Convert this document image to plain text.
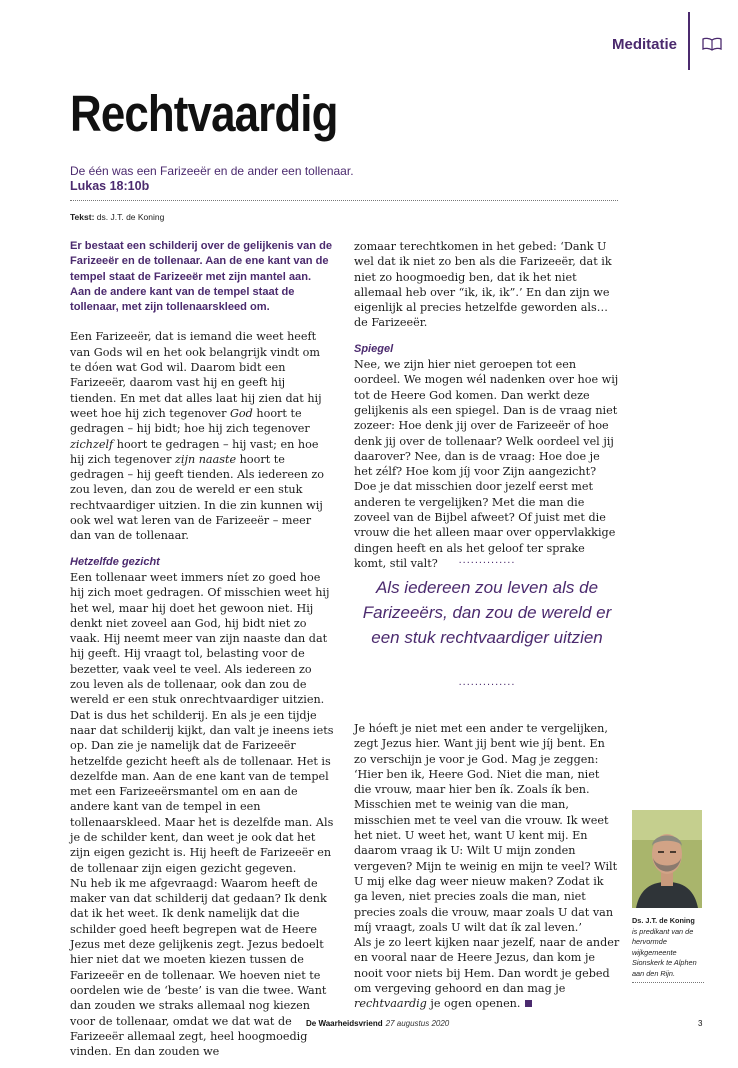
Meditatie
Rechtvaardig
De één was een Farizeeër en de ander een tollenaar.
Lukas 18:10b
Tekst: ds. J.T. de Koning

Er bestaat een schilderij over de gelijkenis van de Farizeeër en de tollenaar. Aan de ene kant van de tempel staat de Farizeeër met zijn mantel aan. Aan de andere kant van de tempel staat de tollenaar, met zijn tollenaarskleed om.

Een Farizeeër, dat is iemand die weet heeft van Gods wil en het ook belangrijk vindt om te dóen wat God wil. Daarom bidt een Farizeeër, daarom vast hij en geeft hij tienden. En met dat alles laat hij zien dat hij weet hoe hij zich tegenover God hoort te gedragen – hij bidt; hoe hij zich tegenover zichzelf hoort te gedragen – hij vast; en hoe hij zich tegenover zijn naaste hoort te gedragen – hij geeft tienden. Als iedereen zo zou leven, dan zou de wereld er een stuk rechtvaardiger uitzien. In die zin kunnen wij ook wel wat leren van de Farizeeër – meer dan van de tollenaar.

Hetzelfde gezicht

Een tollenaar weet immers níet zo goed hoe hij zich moet gedragen. Of misschien weet hij het wel, maar hij doet het gewoon niet. Hij denkt niet zoveel aan God, hij bidt niet zo vaak. Hij neemt meer van zijn naaste dan dat hij geeft. Hij vraagt tol, belasting voor de bezetter, vaak veel te veel. Als iedereen zo zou leven als de tollenaar, ook dan zou de wereld er een stuk onrechtvaardiger uitzien.

Dat is dus het schilderij. En als je een tijdje naar dat schilderij kijkt, dan valt je ineens iets op. Dan zie je namelijk dat de Farizeeër hetzelfde gezicht heeft als de tollenaar. Het is dezelfde man. Aan de ene kant van de tempel met een Farizeeërsmantel om en aan de andere kant van de tempel in een tollenaarskleed. Maar het is dezelfde man. Als je de schilder kent, dan weet je ook dat het zijn eigen gezicht is. Hij heeft de Farizeeër en de tollenaar zijn eigen gezicht gegeven.

Nu heb ik me afgevraagd: Waarom heeft de maker van dat schilderij dat gedaan? Ik denk dat ik het weet. Ik denk namelijk dat die schilder goed heeft begrepen wat de Heere Jezus met deze gelijkenis zegt. Jezus bedoelt hier niet dat we moeten kiezen tussen de Farizeeër en de tollenaar. We hoeven niet te oordelen wie de ‘beste’ is van die twee. Want dan zouden we straks allemaal nog kiezen voor de tollenaar, omdat we dat wat de Farizeeër allemaal zegt, heel hoogmoedig vinden. En dan zouden we

zomaar terechtkomen in het gebed: ‘Dank U wel dat ik niet zo ben als die Farizeeër, dat ik niet zo hoogmoedig ben, dat ik het niet allemaal heb over “ik, ik, ik”.’ En dan zijn we eigenlijk al precies hetzelfde geworden als… de Farizeeër.

Spiegel

Nee, we zijn hier niet geroepen tot een oordeel. We mogen wél nadenken over hoe wij tot de Heere God komen. Dan werkt deze gelijkenis als een spiegel. Dan is de vraag niet zozeer: Hoe denk jij over de Farizeeër of hoe denk jij over de tollenaar? Welk oordeel vel jij daarover? Nee, dan is de vraag: Hoe doe je het zélf? Hoe kom jíj voor Zijn aangezicht? Doe je dat misschien door jezelf eerst met anderen te vergelijken? Met die man die zoveel van de Bijbel afweet? Of juist met die vrouw die het alleen maar over oppervlakkige dingen heeft en als het geloof ter sprake komt, stil valt?	..............
Als iedereen zou leven als de Farizeeërs, dan zou de wereld er een stuk rechtvaardiger uitzien
..............

Je hóeft je niet met een ander te vergelijken, zegt Jezus hier. Want jij bent wie jíj bent. En zo verschijn je voor je God. Mag je zeggen: ‘Hier ben ik, Heere God. Niet die man, niet die vrouw, maar hier ben ík. Zoals ík ben. Misschien met te weinig van die man, misschien met te veel van die vrouw. Ik weet het niet. U weet het, want U kent mij. En daarom vraag ik U: Wilt U mijn zonden vergeven? Mijn te weinig en mijn te veel? Wilt U mij elke dag weer nieuw maken? Zodat ik ga leven, niet precies zoals die man, niet precies zoals die vrouw, maar zoals U dat van míj vraagt, zoals U wilt dat ík zal leven.’

Als je zo leert kijken naar jezelf, naar de ander en vooral naar de Heere Jezus, dan kom je nooit voor niets bij Hem. Dan wordt je gebed om vergeving gehoord en dan mag je rechtvaardig je ogen openen.

Ds. J.T. de Koning
is predikant van de hervormde wijkgemeente Sionskerk te Alphen aan den Rijn.
De Waarheidsvriend 27 augustus 2020	3
